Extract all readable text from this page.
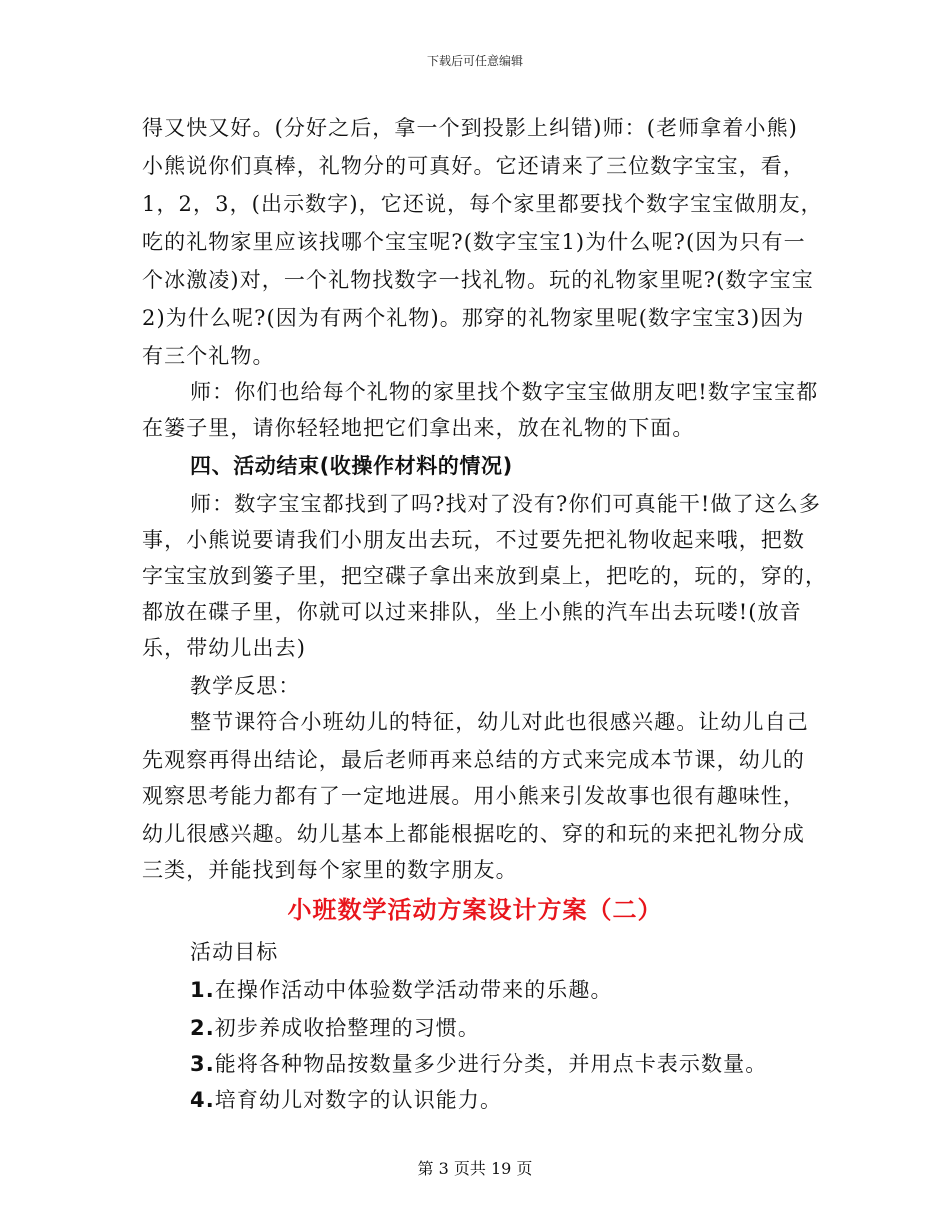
下载后可任意编辑
得又快又好。(分好之后，拿一个到投影上纠错)师：(老师拿着小熊)
小熊说你们真棒，礼物分的可真好。它还请来了三位数字宝宝，看，
1，2，3，(出示数字)，它还说，每个家里都要找个数字宝宝做朋友，
吃的礼物家里应该找哪个宝宝呢?(数字宝宝1)为什么呢?(因为只有一
个冰激凌)对，一个礼物找数字一找礼物。玩的礼物家里呢?(数字宝宝
2)为什么呢?(因为有两个礼物)。那穿的礼物家里呢(数字宝宝3)因为
有三个礼物。
师：你们也给每个礼物的家里找个数字宝宝做朋友吧!数字宝宝都
在篓子里，请你轻轻地把它们拿出来，放在礼物的下面。
四、活动结束(收操作材料的情况)
师：数字宝宝都找到了吗?找对了没有?你们可真能干!做了这么多
事，小熊说要请我们小朋友出去玩，不过要先把礼物收起来哦，把数
字宝宝放到篓子里，把空碟子拿出来放到桌上，把吃的，玩的，穿的，
都放在碟子里，你就可以过来排队，坐上小熊的汽车出去玩喽!(放音
乐，带幼儿出去)
教学反思：
整节课符合小班幼儿的特征，幼儿对此也很感兴趣。让幼儿自己
先观察再得出结论，最后老师再来总结的方式来完成本节课，幼儿的
观察思考能力都有了一定地进展。用小熊来引发故事也很有趣味性，
幼儿很感兴趣。幼儿基本上都能根据吃的、穿的和玩的来把礼物分成
三类，并能找到每个家里的数字朋友。
小班数学活动方案设计方案（二）
活动目标
1.在操作活动中体验数学活动带来的乐趣。
2.初步养成收拾整理的习惯。
3.能将各种物品按数量多少进行分类，并用点卡表示数量。
4.培育幼儿对数字的认识能力。
第 3 页共 19 页
